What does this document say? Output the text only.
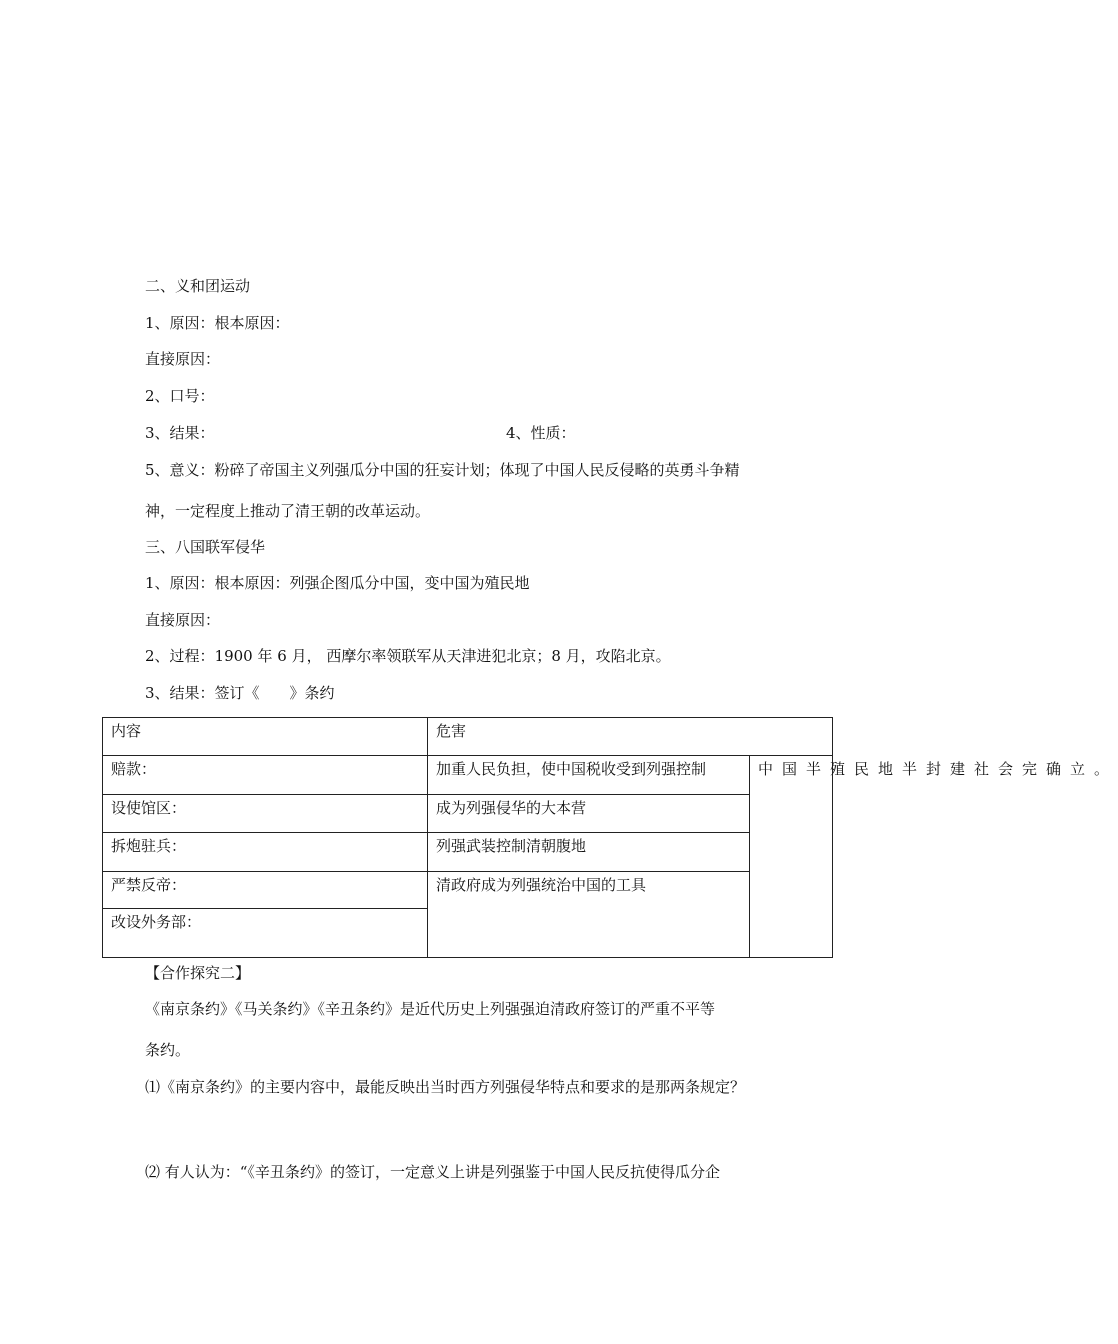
二、义和团运动
1、原因：根本原因：
直接原因：
2、口号：
3、结果：	4、性质：
5、意义：粉碎了帝国主义列强瓜分中国的狂妄计划；体现了中国人民反侵略的英勇斗争精
神，一定程度上推动了清王朝的改革运动。
三、八国联军侵华
1、原因：根本原因：列强企图瓜分中国，变中国为殖民地
直接原因：
2、过程：1900 年 6 月， 西摩尔率领联军从天津进犯北京；8 月，攻陷北京。
3、结果：签订《　　》条约
内容	危害	
赔款：	加重人民负担，使中国税收受到列强控制	中国半殖民地半封建社会完确立。
设使馆区：	成为列强侵华的大本营	
拆炮驻兵：	列强武装控制清朝腹地	
严禁反帝：	清政府成为列强统治中国的工具	
改设外务部：		
【合作探究二】
《南京条约》《马关条约》《辛丑条约》是近代历史上列强强迫清政府签订的严重不平等
条约。
⑴《南京条约》的主要内容中，最能反映出当时西方列强侵华特点和要求的是那两条规定？
⑵ 有人认为：“《辛丑条约》的签订，一定意义上讲是列强鉴于中国人民反抗使得瓜分企
